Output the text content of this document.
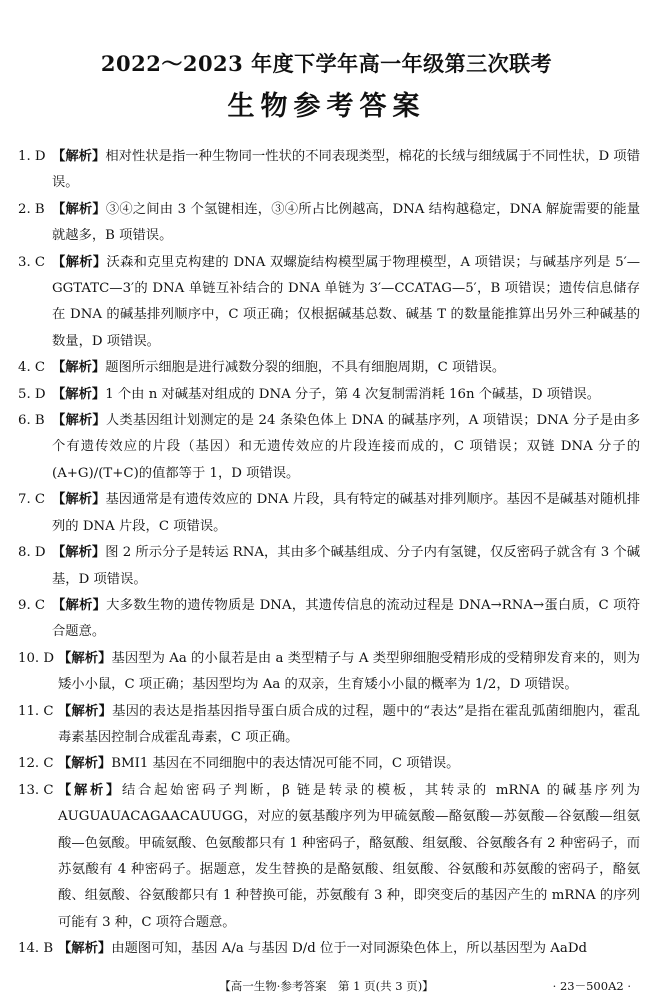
2022～2023 年度下学年高一年级第三次联考
生物参考答案
1. D 【解析】相对性状是指一种生物同一性状的不同表现类型，棉花的长绒与细绒属于不同性状，D 项错误。
2. B 【解析】③④之间由 3 个氢键相连，③④所占比例越高，DNA 结构越稳定，DNA 解旋需要的能量就越多，B 项错误。
3. C 【解析】沃森和克里克构建的 DNA 双螺旋结构模型属于物理模型，A 项错误；与碱基序列是 5′—GGTATC—3′的 DNA 单链互补结合的 DNA 单链为 3′—CCATAG—5′，B 项错误；遗传信息储存在 DNA 的碱基排列顺序中，C 项正确；仅根据碱基总数、碱基 T 的数量能推算出另外三种碱基的数量，D 项错误。
4. C 【解析】题图所示细胞是进行减数分裂的细胞，不具有细胞周期，C 项错误。
5. D 【解析】1 个由 n 对碱基对组成的 DNA 分子，第 4 次复制需消耗 16n 个碱基，D 项错误。
6. B 【解析】人类基因组计划测定的是 24 条染色体上 DNA 的碱基序列，A 项错误；DNA 分子是由多个有遗传效应的片段（基因）和无遗传效应的片段连接而成的，C 项错误；双链 DNA 分子的(A+G)/(T+C)的值都等于 1，D 项错误。
7. C 【解析】基因通常是有遗传效应的 DNA 片段，具有特定的碱基对排列顺序。基因不是碱基对随机排列的 DNA 片段，C 项错误。
8. D 【解析】图 2 所示分子是转运 RNA，其由多个碱基组成、分子内有氢键，仅反密码子就含有 3 个碱基，D 项错误。
9. C 【解析】大多数生物的遗传物质是 DNA，其遗传信息的流动过程是 DNA→RNA→蛋白质，C 项符合题意。
10. D 【解析】基因型为 Aa 的小鼠若是由 a 类型精子与 A 类型卵细胞受精形成的受精卵发育来的，则为矮小小鼠，C 项正确；基因型均为 Aa 的双亲，生育矮小小鼠的概率为 1/2，D 项错误。
11. C 【解析】基因的表达是指基因指导蛋白质合成的过程，题中的“表达”是指在霍乱弧菌细胞内，霍乱毒素基因控制合成霍乱毒素，C 项正确。
12. C 【解析】BMI1 基因在不同细胞中的表达情况可能不同，C 项错误。
13. C 【解析】结合起始密码子判断，β 链是转录的模板，其转录的 mRNA 的碱基序列为 AUGUAUACAGAACAUUGG，对应的氨基酸序列为甲硫氨酸—酪氨酸—苏氨酸—谷氨酸—组氨酸—色氨酸。甲硫氨酸、色氨酸都只有 1 种密码子，酪氨酸、组氨酸、谷氨酸各有 2 种密码子，而苏氨酸有 4 种密码子。据题意，发生替换的是酪氨酸、组氨酸、谷氨酸和苏氨酸的密码子，酪氨酸、组氨酸、谷氨酸都只有 1 种替换可能，苏氨酸有 3 种，即突变后的基因产生的 mRNA 的序列可能有 3 种，C 项符合题意。
14. B 【解析】由题图可知，基因 A/a 与基因 D/d 位于一对同源染色体上，所以基因型为 AaDd
【高一生物·参考答案　第 1 页(共 3 页)】	· 23－500A2 ·
